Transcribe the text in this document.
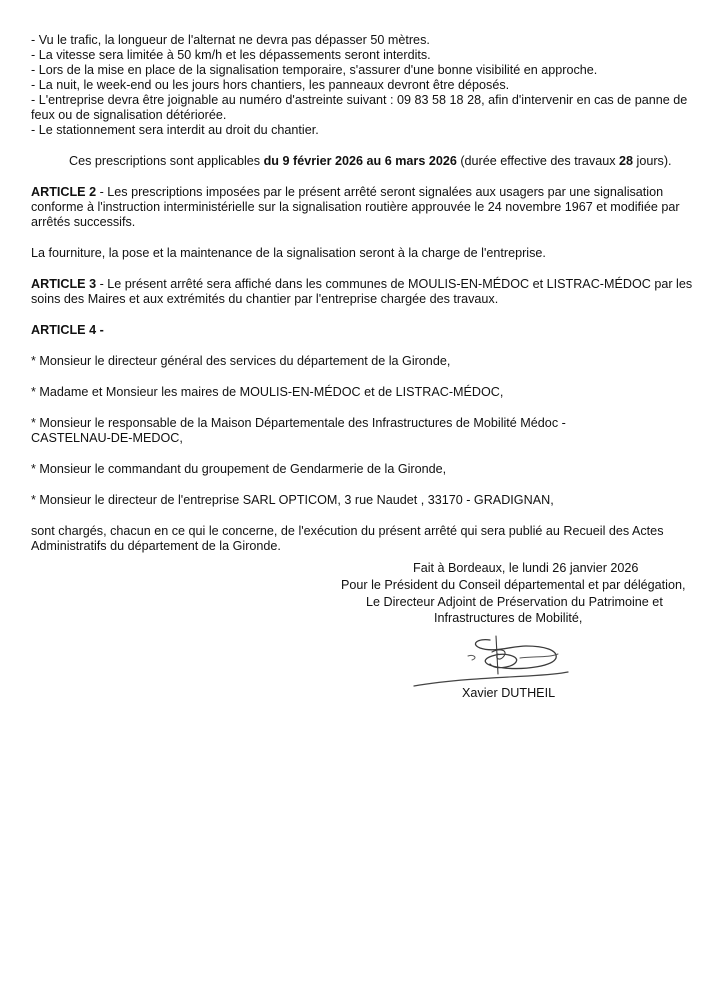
- Vu le trafic, la longueur de l'alternat ne devra pas dépasser 50 mètres.
- La vitesse sera limitée à 50 km/h et les dépassements seront interdits.
- Lors de la mise en place de la signalisation temporaire, s'assurer d'une bonne visibilité en approche.
- La nuit, le week-end ou les jours hors chantiers, les panneaux devront être déposés.
- L'entreprise devra être joignable au numéro d'astreinte suivant : 09 83 58 18 28, afin d'intervenir en cas de panne de
feux ou de signalisation détériorée.
- Le stationnement sera interdit au droit du chantier.
Ces prescriptions sont applicables du 9 février 2026 au 6 mars 2026 (durée effective des travaux 28 jours).
ARTICLE 2 - Les prescriptions imposées par le présent arrêté seront signalées aux usagers par une signalisation
conforme à l'instruction interministérielle sur la signalisation routière approuvée le 24 novembre 1967 et modifiée par
arrêtés successifs.
La fourniture, la pose et la maintenance de la signalisation seront à la charge de l'entreprise.
ARTICLE 3 - Le présent arrêté sera affiché dans les communes de MOULIS-EN-MÉDOC et LISTRAC-MÉDOC par les
soins des Maires et aux extrémités du chantier par l'entreprise chargée des travaux.
ARTICLE 4 -
* Monsieur le directeur général des services du département de la Gironde,
* Madame et Monsieur les maires de MOULIS-EN-MÉDOC et de LISTRAC-MÉDOC,
* Monsieur le responsable de la Maison Départementale des Infrastructures de Mobilité Médoc -
CASTELNAU-DE-MEDOC,
* Monsieur le commandant du groupement de Gendarmerie de la Gironde,
* Monsieur le directeur de l'entreprise SARL OPTICOM, 3 rue Naudet , 33170 - GRADIGNAN,
sont chargés, chacun en ce qui le concerne, de l'exécution du présent arrêté qui sera publié au Recueil des Actes
Administratifs du département de la Gironde.
Fait à Bordeaux, le lundi 26 janvier 2026
Pour le Président du Conseil départemental et par délégation,
Le Directeur Adjoint de Préservation du Patrimoine et
Infrastructures de Mobilité,
Xavier DUTHEIL
